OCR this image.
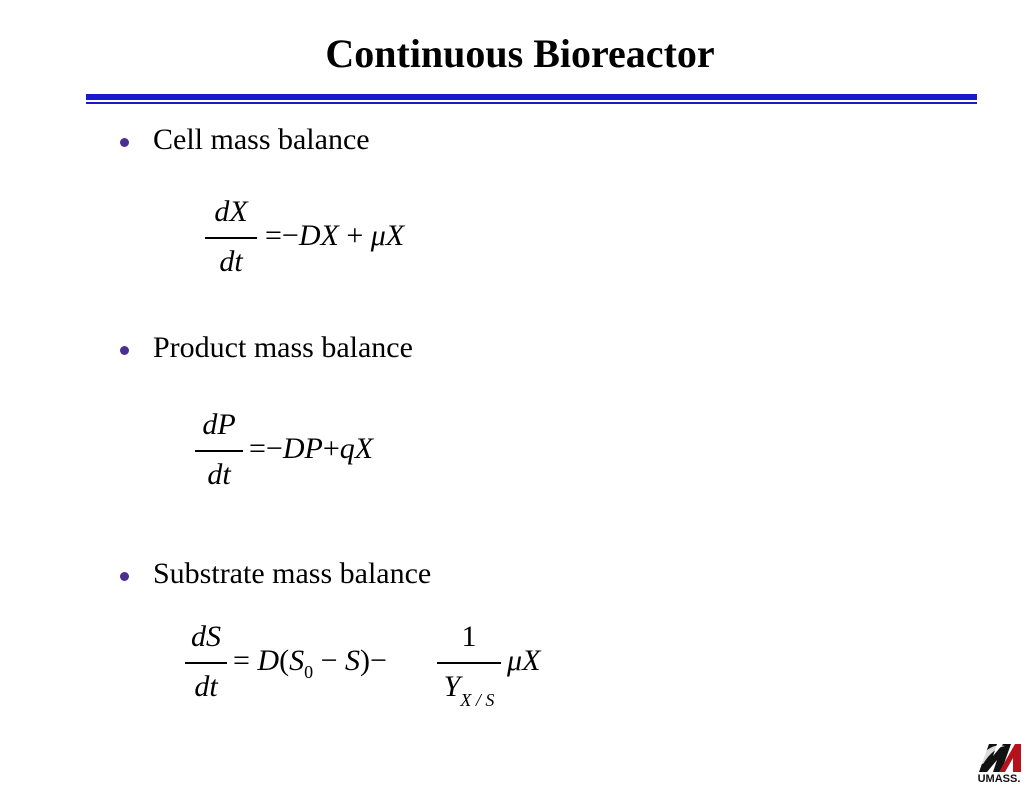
Continuous Bioreactor
Cell mass balance
dX
dt
=−DX + μX
Product mass balance
dP
dt
=−DP+qX
Substrate mass balance
dS
dt
= $D(S_0 - S)-$
1
$Y_{X / S}$
μX
UMASS.
